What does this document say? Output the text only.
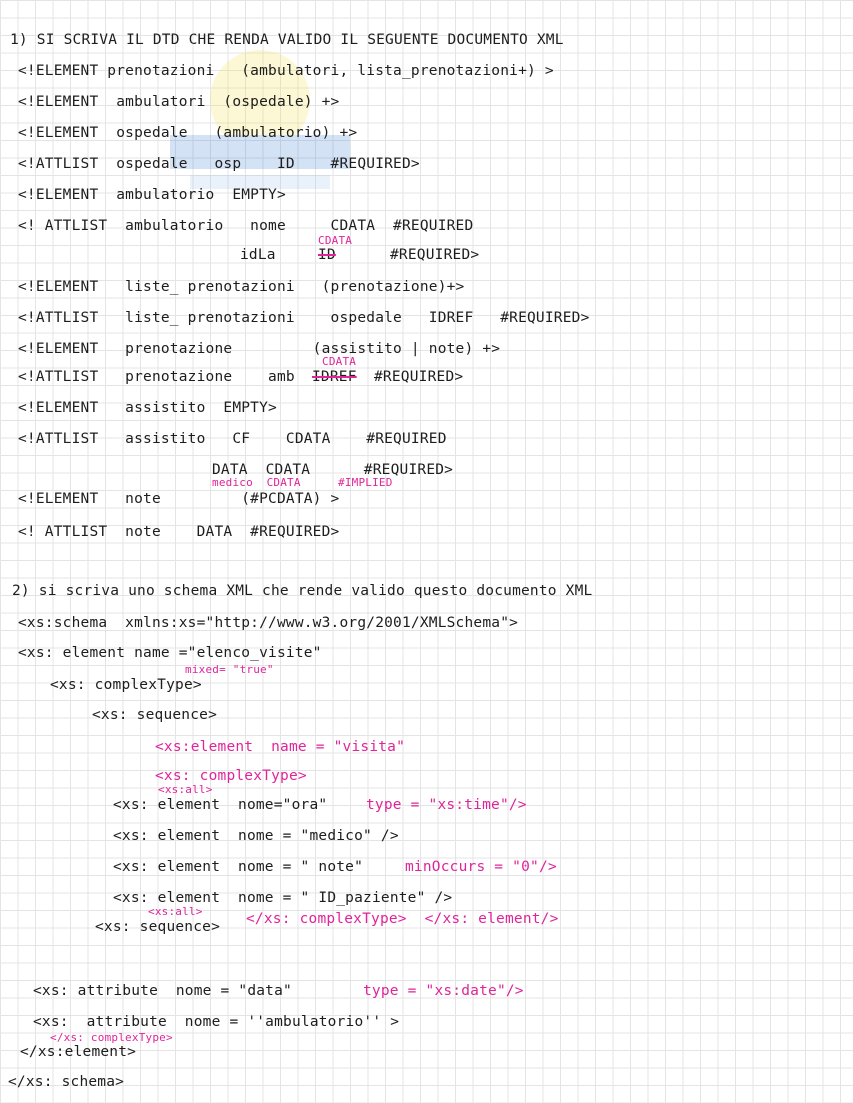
1) SI SCRIVA IL DTD CHE RENDA VALIDO IL SEGUENTE DOCUMENTO XML
<!ELEMENT prenotazioni   (ambulatori, lista_prenotazioni+) >
<!ELEMENT  ambulatori  (ospedale) +>
<!ELEMENT  ospedale   (ambulatorio) +>
<!ATTLIST  ospedale   osp    ID    #REQUIRED>
<!ELEMENT  ambulatorio  EMPTY>
<! ATTLIST  ambulatorio   nome     CDATA  #REQUIRED
CDATA
idLa	ID	#REQUIRED>
<!ELEMENT   liste_ prenotazioni   (prenotazione)+>
<!ATTLIST   liste_ prenotazioni    ospedale   IDREF   #REQUIRED>
<!ELEMENT   prenotazione         (assistito | note) +>
CDATA
<!ATTLIST   prenotazione    amb IDREF #REQUIRED>
<!ELEMENT   assistito  EMPTY>
<!ATTLIST   assistito   CF    CDATA    #REQUIRED
DATA  CDATA      #REQUIRED>
medico  CDATA	#IMPLIED
<!ELEMENT   note         (#PCDATA) >
<! ATTLIST  note    DATA  #REQUIRED>
2) si scriva uno schema XML che rende valido questo documento XML
<xs:schema  xmlns:xs="http://www.w3.org/2001/XMLSchema">
<xs: element name ="elenco_visite"
mixed= "true"
<xs: complexType>
<xs: sequence>
<xs:element  name = "visita"
<xs: complexType>
<xs:all>
<xs: element  nome="ora"	type = "xs:time"/>
<xs: element  nome = "medico" />
<xs: element  nome = " note"	minOccurs = "0"/>
<xs: element  nome = " ID_paziente" />
<xs:all>	</xs: complexType>  </xs: element/>
<xs: sequence>
<xs: attribute  nome = "data"	type = "xs:date"/>
<xs:  attribute  nome = ''ambulatorio'' >
</xs: complexType>
</xs:element>
</xs: schema>
